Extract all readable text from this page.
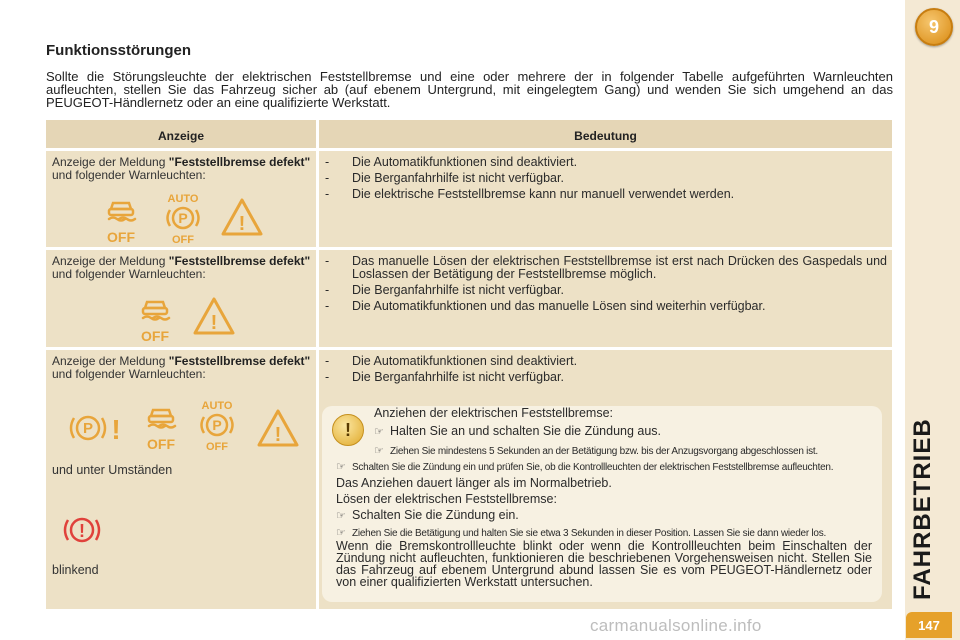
9
FAHRBETRIEB
147
carmanualsonline.info
Funktionsstörungen

Sollte die Störungsleuchte der elektrischen Feststellbremse und eine oder mehrere der in folgender Tabelle aufgeführten Warnleuchten aufleuchten, stellen Sie das Fahrzeug sicher ab (auf ebenem Untergrund, mit eingelegtem Gang) und wenden Sie sich umgehend an das PEUGEOT-Händlernetz oder an eine qualifizierte Werkstatt.

Anzeige	Bedeutung
Anzeige der Meldung "Feststellbremse defekt" und folgender Warnleuchten:
OFF
AUTO
P
OFF
!
- Die Automatikfunktionen sind deaktiviert.
- Die Berganfahrhilfe ist nicht verfügbar.
- Die elektrische Feststellbremse kann nur manuell verwendet werden.
Anzeige der Meldung "Feststellbremse defekt" und folgender Warnleuchten:
OFF
!
- Das manuelle Lösen der elektrischen Feststellbremse ist erst nach Drücken des Gaspedals und Loslassen der Betätigung der Feststellbremse möglich.
- Die Berganfahrhilfe ist nicht verfügbar.
- Die Automatikfunktionen und das manuelle Lösen sind weiterhin verfügbar.
Anzeige der Meldung "Feststellbremse defekt" und folgender Warnleuchten:
P ! OFF
AUTO
P
OFF
!
und unter Umständen
!
blinkend
- Die Automatikfunktionen sind deaktiviert.
- Die Berganfahrhilfe ist nicht verfügbar.
!
Anziehen der elektrischen Feststellbremse:
☞ Halten Sie an und schalten Sie die Zündung aus.
☞ Ziehen Sie mindestens 5 Sekunden an der Betätigung bzw. bis der Anzugsvorgang abgeschlossen ist.
☞ Schalten Sie die Zündung ein und prüfen Sie, ob die Kontrollleuchten der elektrischen Feststellbremse aufleuchten.
Das Anziehen dauert länger als im Normalbetrieb.
Lösen der elektrischen Feststellbremse:
☞ Schalten Sie die Zündung ein.
☞ Ziehen Sie die Betätigung und halten Sie sie etwa 3 Sekunden in dieser Position. Lassen Sie sie dann wieder los.

Wenn die Bremskontrollleuchte blinkt oder wenn die Kontrollleuchten beim Einschalten der Zündung nicht aufleuchten, funktionieren die beschriebenen Vorgehensweisen nicht. Stellen Sie das Fahrzeug auf ebenem Untergrund abund lassen Sie es vom PEUGEOT-Händlernetz oder von einer qualifizierten Werkstatt untersuchen.
